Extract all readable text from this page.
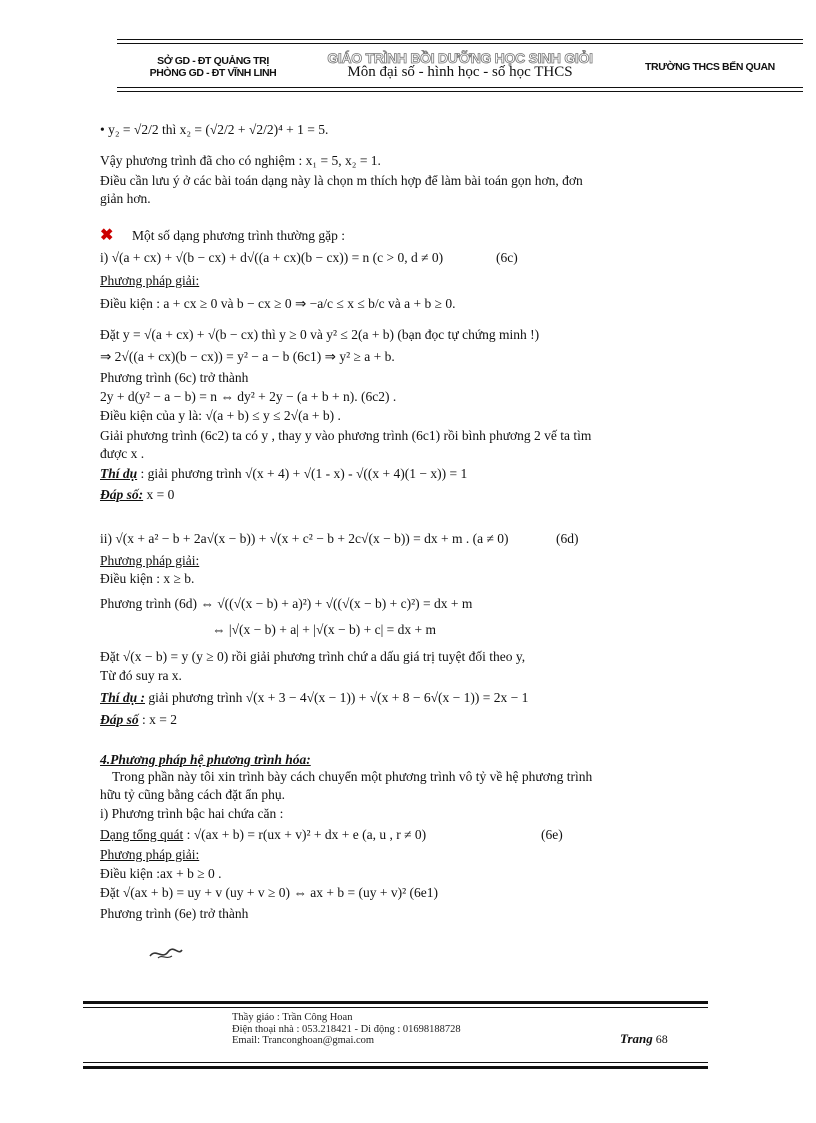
SỞ GD - ĐT QUẢNG TRỊ
PHÒNG GD - ĐT VĨNH LINH
GIÁO TRÌNH BỒI DƯỠNG HỌC SINH GIỎI
Môn đại số - hình học - số học THCS	TRƯỜNG THCS BẾN QUAN
• y₂ = √2/2 thì x₂ = (√2/2 + √2/2)⁴ + 1 = 5.
Vậy phương trình đã cho có nghiệm : x₁ = 5, x₂ = 1.
Điều cần lưu ý ở các bài toán dạng này là chọn m thích hợp để làm bài toán gọn hơn, đơn
giản hơn.
✖ Một số dạng phương trình thường gặp :
i) √(a + cx) + √(b − cx) + d√((a + cx)(b − cx)) = n (c > 0, d ≠ 0)	(6c)
Phương pháp giải:
Điều kiện : a + cx ≥ 0 và b − cx ≥ 0 ⇒ −a/c ≤ x ≤ b/c và a + b ≥ 0.
Đặt y = √(a + cx) + √(b − cx) thì y ≥ 0 và y² ≤ 2(a + b) (bạn đọc tự chứng minh !)
⇒ 2√((a + cx)(b − cx)) = y² − a − b (6c1) ⇒ y² ≥ a + b.
Phương trình (6c) trở thành
2y + d(y² − a − b) = n ⇔ dy² + 2y − (a + b + n). (6c2) .
Điều kiện của y là: √(a + b) ≤ y ≤ 2√(a + b) .
Giải phương trình (6c2) ta có y , thay y vào phương trình (6c1) rồi bình phương 2 vế ta tìm
được x .
Thí dụ : giải phương trình √(x + 4) + √(1 - x) - √((x + 4)(1 − x)) = 1
Đáp số: x = 0
ii) √(x + a² − b + 2a√(x − b)) + √(x + c² − b + 2c√(x − b)) = dx + m . (a ≠ 0)	(6d)
Phương pháp giải:
Điều kiện : x ≥ b.
Phương trình (6d) ⇔ √((√(x − b) + a)²) + √((√(x − b) + c)²) = dx + m
⇔ |√(x − b) + a| + |√(x − b) + c| = dx + m
Đặt √(x − b) = y (y ≥ 0) rồi giải phương trình chứ a dấu giá trị tuyệt đối theo y,
Từ đó suy ra x.
Thí dụ : giải phương trình √(x + 3 − 4√(x − 1)) + √(x + 8 − 6√(x − 1)) = 2x − 1
Đáp số : x = 2
4.Phương pháp hệ phương trình hóa:
Trong phần này tôi xin trình bày cách chuyển một phương trình vô tỷ về hệ phương trình
hữu tỷ cũng bằng cách đặt ẩn phụ.
i) Phương trình bậc hai chứa căn :
Dạng tổng quát : √(ax + b) = r(ux + v)² + dx + e (a, u , r ≠ 0)	(6e)
Phương pháp giải:
Điều kiện :ax + b ≥ 0 .
Đặt √(ax + b) = uy + v (uy + v ≥ 0) ⇔ ax + b = (uy + v)² (6e1)
Phương trình (6e) trở thành
Thầy giáo : Trần Công Hoan
Điện thoại nhà : 053.218421 - Di động : 01698188728
Email: Tranconghoan@gmai.com	Trang 68
